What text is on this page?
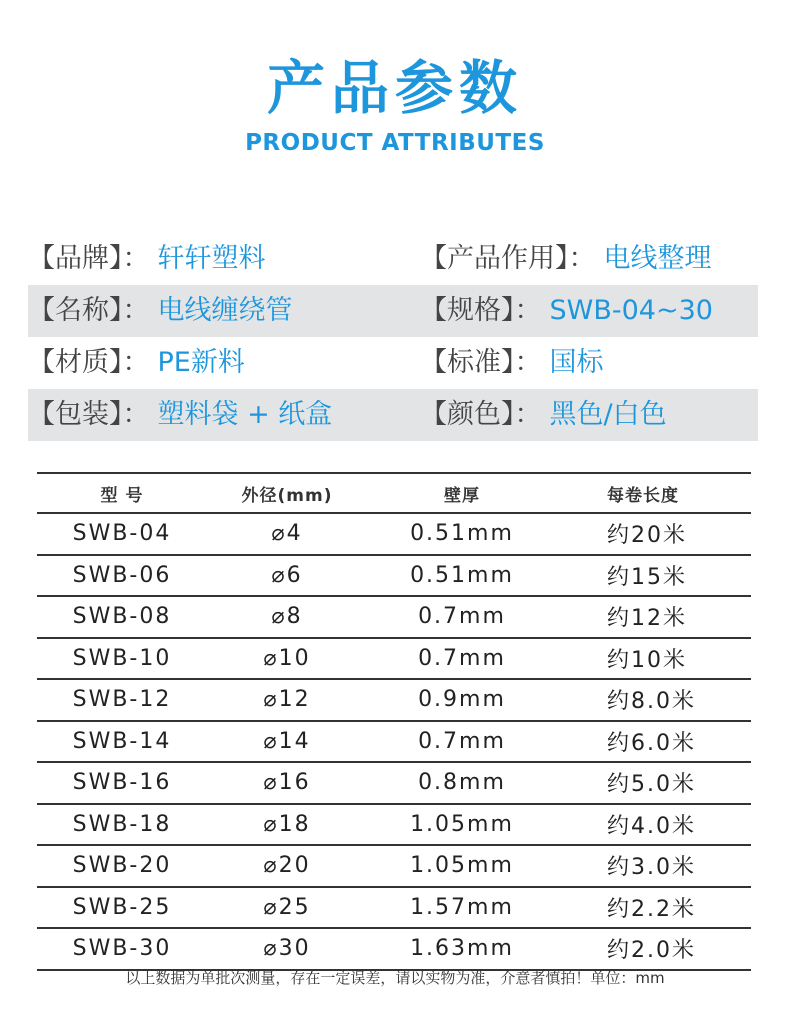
产品参数
PRODUCT ATTRIBUTES
【品牌】： 轩轩塑料	【产品作用】： 电线整理
【名称】： 电线缠绕管	【规格】： SWB-04~30
【材质】： PE新料	【标准】： 国标
【包装】： 塑料袋 + 纸盒	【颜色】： 黑色/白色
型 号	外径(mm)	壁厚	每卷长度
SWB-04	⌀4	0.51mm	约20米
SWB-06	⌀6	0.51mm	约15米
SWB-08	⌀8	0.7mm	约12米
SWB-10	⌀10	0.7mm	约10米
SWB-12	⌀12	0.9mm	约8.0米
SWB-14	⌀14	0.7mm	约6.0米
SWB-16	⌀16	0.8mm	约5.0米
SWB-18	⌀18	1.05mm	约4.0米
SWB-20	⌀20	1.05mm	约3.0米
SWB-25	⌀25	1.57mm	约2.2米
SWB-30	⌀30	1.63mm	约2.0米
以上数据为单批次测量，存在一定误差，请以实物为准，介意者慎拍！单位：mm
